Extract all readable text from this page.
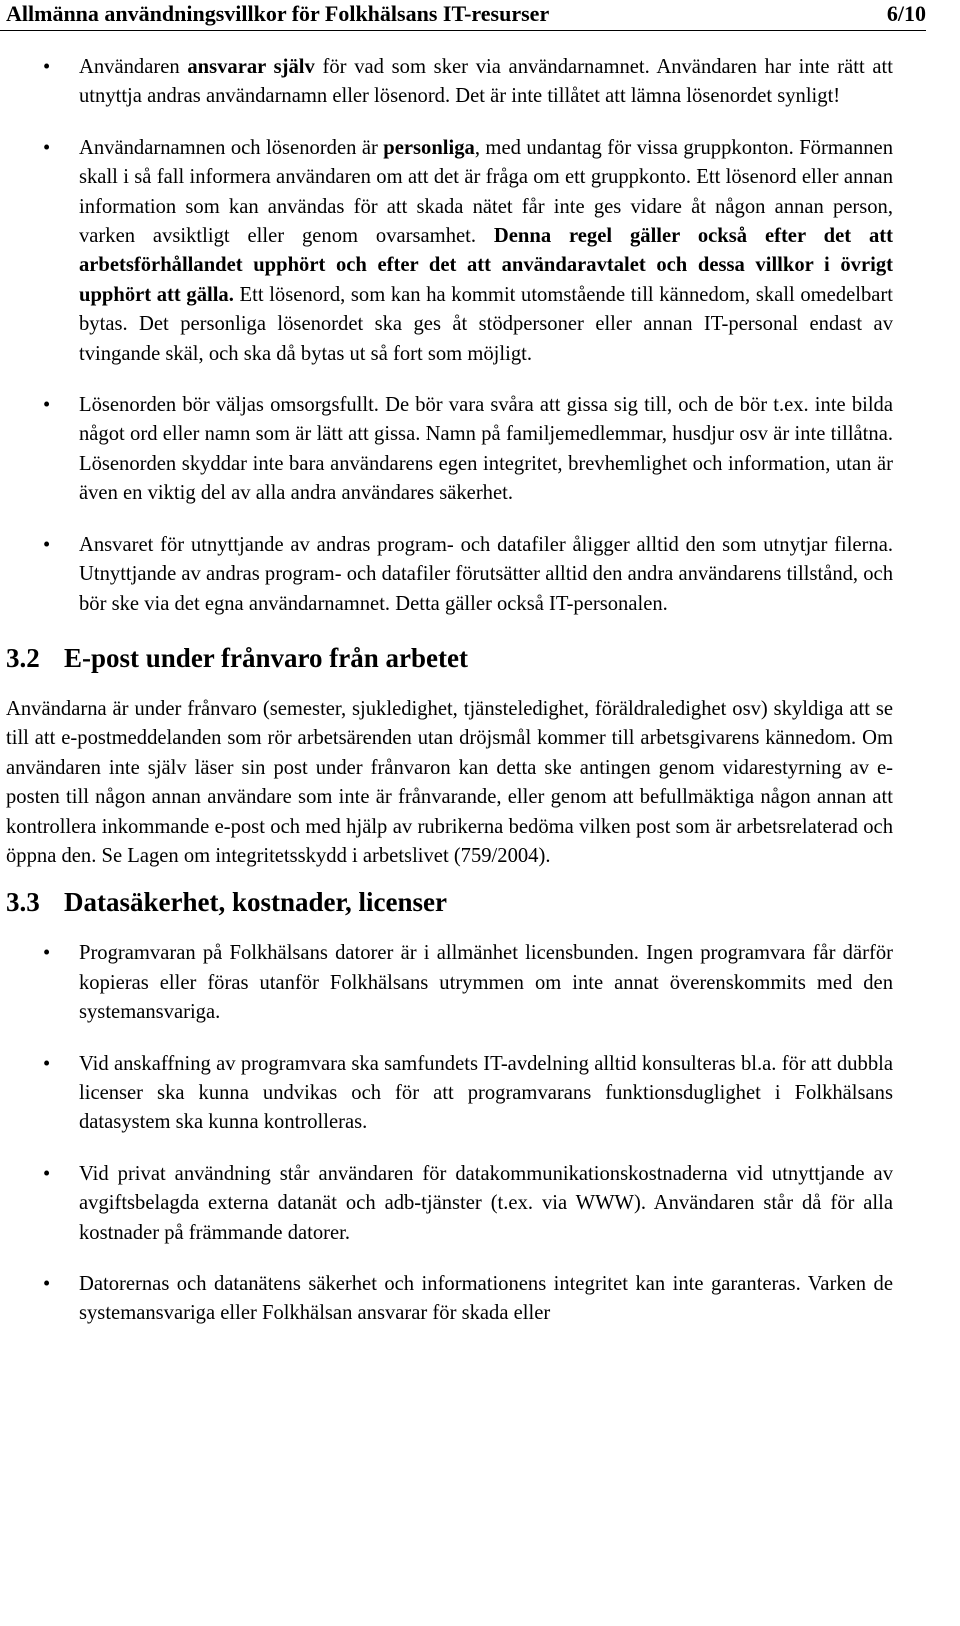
Allmänna användningsvillkor för Folkhälsans IT-resurser	6/10
• Användaren ansvarar själv för vad som sker via användarnamnet. Användaren har inte rätt att utnyttja andras användarnamn eller lösenord. Det är inte tillåtet att lämna lösenordet synligt!
• Användarnamnen och lösenorden är personliga, med undantag för vissa gruppkonton. Förmannen skall i så fall informera användaren om att det är fråga om ett gruppkonto. Ett lösenord eller annan information som kan användas för att skada nätet får inte ges vidare åt någon annan person, varken avsiktligt eller genom ovarsamhet. Denna regel gäller också efter det att arbetsförhållandet upphört och efter det att användaravtalet och dessa villkor i övrigt upphört att gälla. Ett lösenord, som kan ha kommit utomstående till kännedom, skall omedelbart bytas. Det personliga lösenordet ska ges åt stödpersoner eller annan IT-personal endast av tvingande skäl, och ska då bytas ut så fort som möjligt.
• Lösenorden bör väljas omsorgsfullt. De bör vara svåra att gissa sig till, och de bör t.ex. inte bilda något ord eller namn som är lätt att gissa. Namn på familjemedlemmar, husdjur osv är inte tillåtna. Lösenorden skyddar inte bara användarens egen integritet, brevhemlighet och information, utan är även en viktig del av alla andra användares säkerhet.
• Ansvaret för utnyttjande av andras program- och datafiler åligger alltid den som utnytjar filerna. Utnyttjande av andras program- och datafiler förutsätter alltid den andra användarens tillstånd, och bör ske via det egna användarnamnet. Detta gäller också IT-personalen.
3.2 E-post under frånvaro från arbetet

Användarna är under frånvaro (semester, sjukledighet, tjänsteledighet, föräldraledighet osv) skyldiga att se till att e-postmeddelanden som rör arbetsärenden utan dröjsmål kommer till arbetsgivarens kännedom. Om användaren inte själv läser sin post under frånvaron kan detta ske antingen genom vidarestyrning av e-posten till någon annan användare som inte är frånvarande, eller genom att befullmäktiga någon annan att kontrollera inkommande e-post och med hjälp av rubrikerna bedöma vilken post som är arbetsrelaterad och öppna den. Se Lagen om integritetsskydd i arbetslivet (759/2004).

3.3 Datasäkerhet, kostnader, licenser
• Programvaran på Folkhälsans datorer är i allmänhet licensbunden. Ingen programvara får därför kopieras eller föras utanför Folkhälsans utrymmen om inte annat överenskommits med den systemansvariga.
• Vid anskaffning av programvara ska samfundets IT-avdelning alltid konsulteras bl.a. för att dubbla licenser ska kunna undvikas och för att programvarans funktionsduglighet i Folkhälsans datasystem ska kunna kontrolleras.
• Vid privat användning står användaren för datakommunikationskostnaderna vid utnyttjande av avgiftsbelagda externa datanät och adb-tjänster (t.ex. via WWW). Användaren står då för alla kostnader på främmande datorer.
• Datorernas och datanätens säkerhet och informationens integritet kan inte garanteras. Varken de systemansvariga eller Folkhälsan ansvarar för skada eller
